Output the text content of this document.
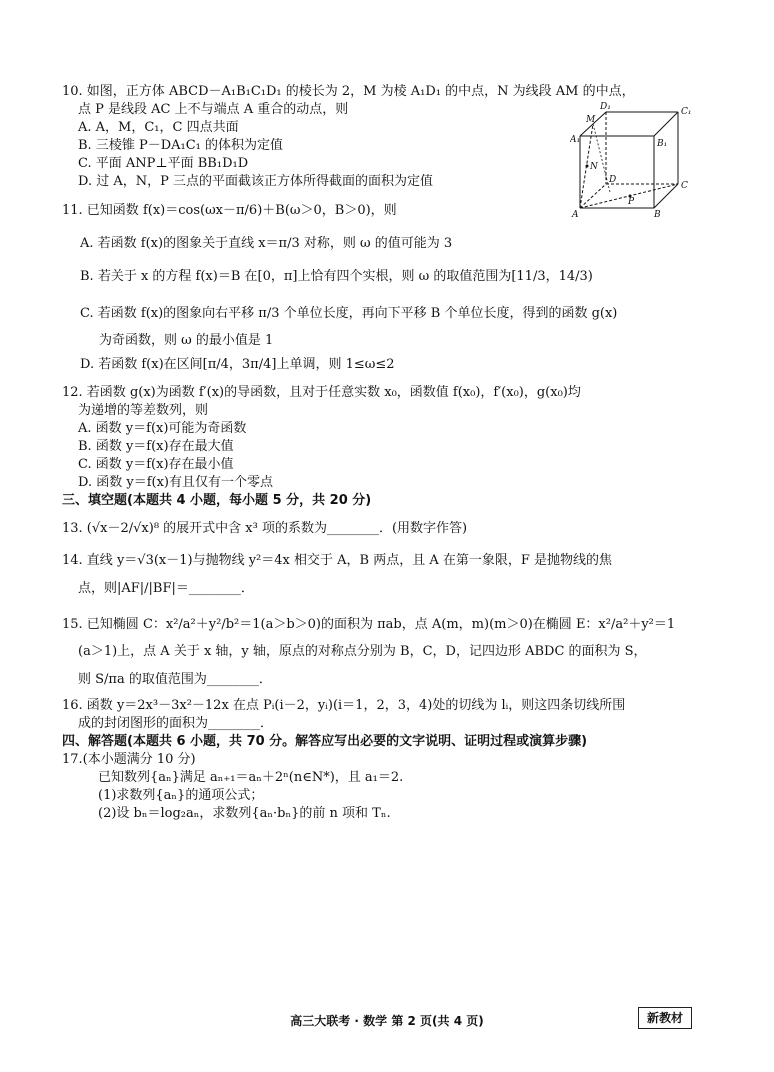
10. 如图，正方体 ABCD－A₁B₁C₁D₁ 的棱长为 2，M 为棱 A₁D₁ 的中点，N 为线段 AM 的中点，
点 P 是线段 AC 上不与端点 A 重合的动点，则
A. A，M，C₁，C 四点共面
B. 三棱锥 P－DA₁C₁ 的体积为定值
C. 平面 ANP⊥平面 BB₁D₁D
D. 过 A，N，P 三点的平面截该正方体所得截面的面积为定值
D₁	C₁
M
A₁	B₁
N
D
C
P
A	B
11. 已知函数 f(x)＝cos(ωx－π/6)＋B(ω＞0，B＞0)，则
A. 若函数 f(x)的图象关于直线 x＝π/3 对称，则 ω 的值可能为 3
B. 若关于 x 的方程 f(x)＝B 在[0，π]上恰有四个实根，则 ω 的取值范围为[11/3，14/3)
C. 若函数 f(x)的图象向右平移 π/3 个单位长度，再向下平移 B 个单位长度，得到的函数 g(x)
为奇函数，则 ω 的最小值是 1
D. 若函数 f(x)在区间[π/4，3π/4]上单调，则 1≤ω≤2
12. 若函数 g(x)为函数 f′(x)的导函数，且对于任意实数 x₀，函数值 f(x₀)，f′(x₀)，g(x₀)均
为递增的等差数列，则
A. 函数 y＝f(x)可能为奇函数
B. 函数 y＝f(x)存在最大值
C. 函数 y＝f(x)存在最小值
D. 函数 y＝f(x)有且仅有一个零点
三、填空题(本题共 4 小题，每小题 5 分，共 20 分)
13. (√x－2/√x)⁸ 的展开式中含 x³ 项的系数为________．(用数字作答)
14. 直线 y＝√3(x－1)与抛物线 y²＝4x 相交于 A，B 两点，且 A 在第一象限，F 是抛物线的焦
点，则|AF|/|BF|＝________．
15. 已知椭圆 C：x²/a²＋y²/b²＝1(a＞b＞0)的面积为 πab，点 A(m，m)(m＞0)在椭圆 E：x²/a²＋y²＝1
(a＞1)上，点 A 关于 x 轴，y 轴，原点的对称点分别为 B，C，D，记四边形 ABDC 的面积为 S，
则 S/πa 的取值范围为________．
16. 函数 y＝2x³－3x²－12x 在点 Pᵢ(i－2，yᵢ)(i＝1，2，3，4)处的切线为 lᵢ，则这四条切线所围
成的封闭图形的面积为________．
四、解答题(本题共 6 小题，共 70 分。解答应写出必要的文字说明、证明过程或演算步骤)
17.(本小题满分 10 分)
已知数列{aₙ}满足 aₙ₊₁＝aₙ＋2ⁿ(n∈N*)，且 a₁＝2.
(1)求数列{aₙ}的通项公式；
(2)设 bₙ＝log₂aₙ，求数列{aₙ·bₙ}的前 n 项和 Tₙ.
高三大联考 · 数学 第 2 页(共 4 页)	新教材
